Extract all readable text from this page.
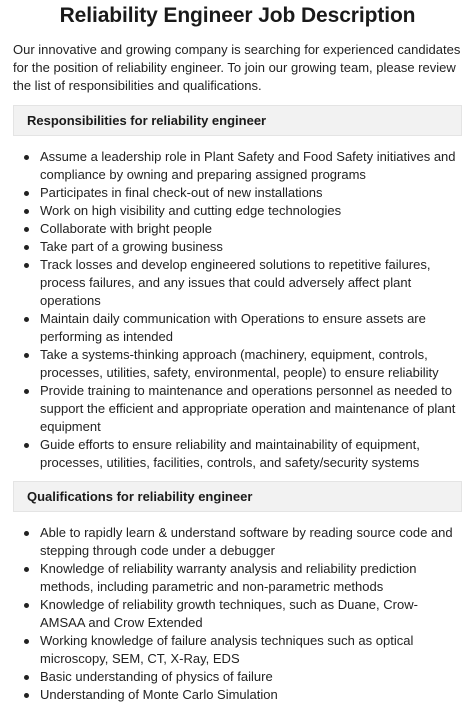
Reliability Engineer Job Description

Our innovative and growing company is searching for experienced candidates for the position of reliability engineer. To join our growing team, please review the list of responsibilities and qualifications.

Responsibilities for reliability engineer
Assume a leadership role in Plant Safety and Food Safety initiatives and compliance by owning and preparing assigned programs
Participates in final check-out of new installations
Work on high visibility and cutting edge technologies
Collaborate with bright people
Take part of a growing business
Track losses and develop engineered solutions to repetitive failures, process failures, and any issues that could adversely affect plant operations
Maintain daily communication with Operations to ensure assets are performing as intended
Take a systems-thinking approach (machinery, equipment, controls, processes, utilities, safety, environmental, people) to ensure reliability
Provide training to maintenance and operations personnel as needed to support the efficient and appropriate operation and maintenance of plant equipment
Guide efforts to ensure reliability and maintainability of equipment, processes, utilities, facilities, controls, and safety/security systems
Qualifications for reliability engineer
Able to rapidly learn & understand software by reading source code and stepping through code under a debugger
Knowledge of reliability warranty analysis and reliability prediction methods, including parametric and non-parametric methods
Knowledge of reliability growth techniques, such as Duane, Crow-AMSAA and Crow Extended
Working knowledge of failure analysis techniques such as optical microscopy, SEM, CT, X-Ray, EDS
Basic understanding of physics of failure
Understanding of Monte Carlo Simulation
